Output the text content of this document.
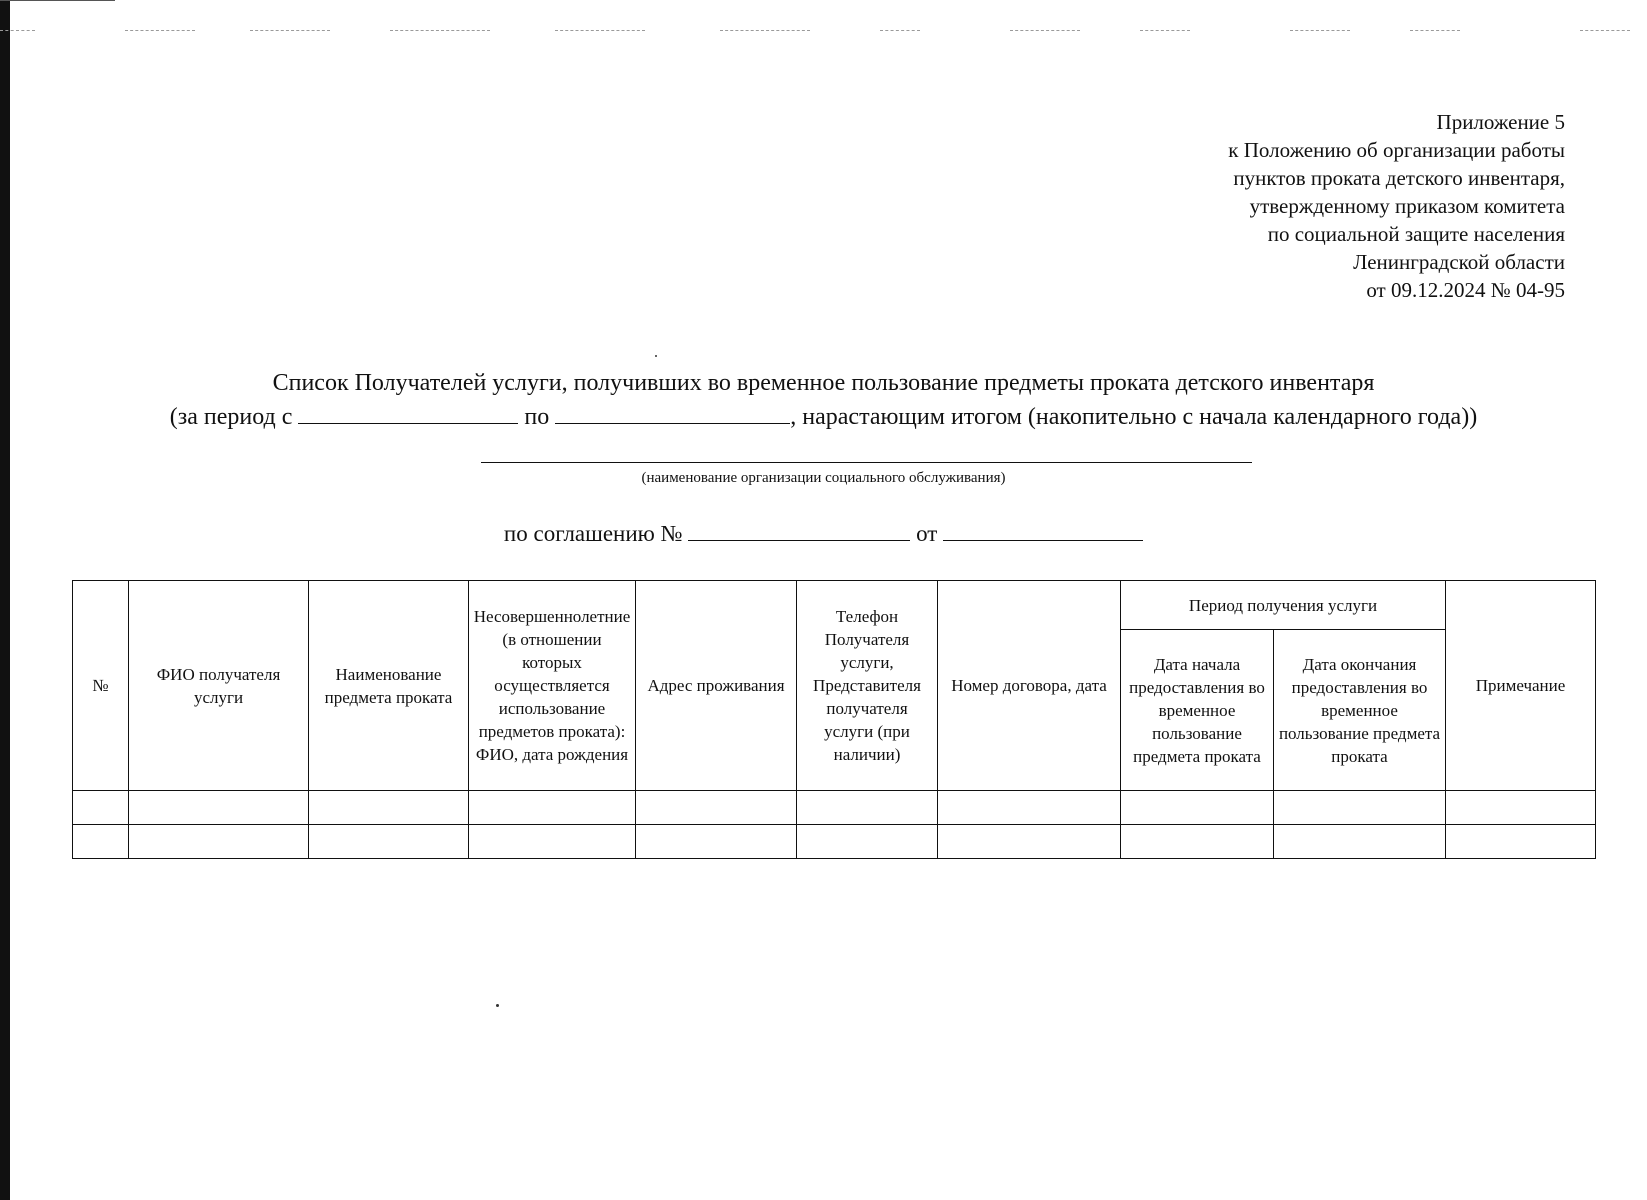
Приложение 5
к Положению об организации работы
пунктов проката детского инвентаря,
утвержденному приказом комитета
по социальной защите населения
Ленинградской области
от 09.12.2024 № 04-95
Список Получателей услуги, получивших во временное пользование предметы проката детского инвентаря
(за период с	по	, нарастающим итогом (накопительно с начала календарного года))
(наименование организации социального обслуживания)
по соглашению №	от
№	ФИО получателя услуги	Наименование предмета проката	Несовершеннолетние (в отношении которых осуществляется использование предметов проката): ФИО, дата рождения	Адрес проживания	Телефон Получателя услуги, Представителя получателя услуги (при наличии)	Номер договора, дата	Период получения услуги		Примечание
							Дата начала предоставления во временное пользование предмета проката	Дата окончания предоставления во временное пользование предмета проката	
